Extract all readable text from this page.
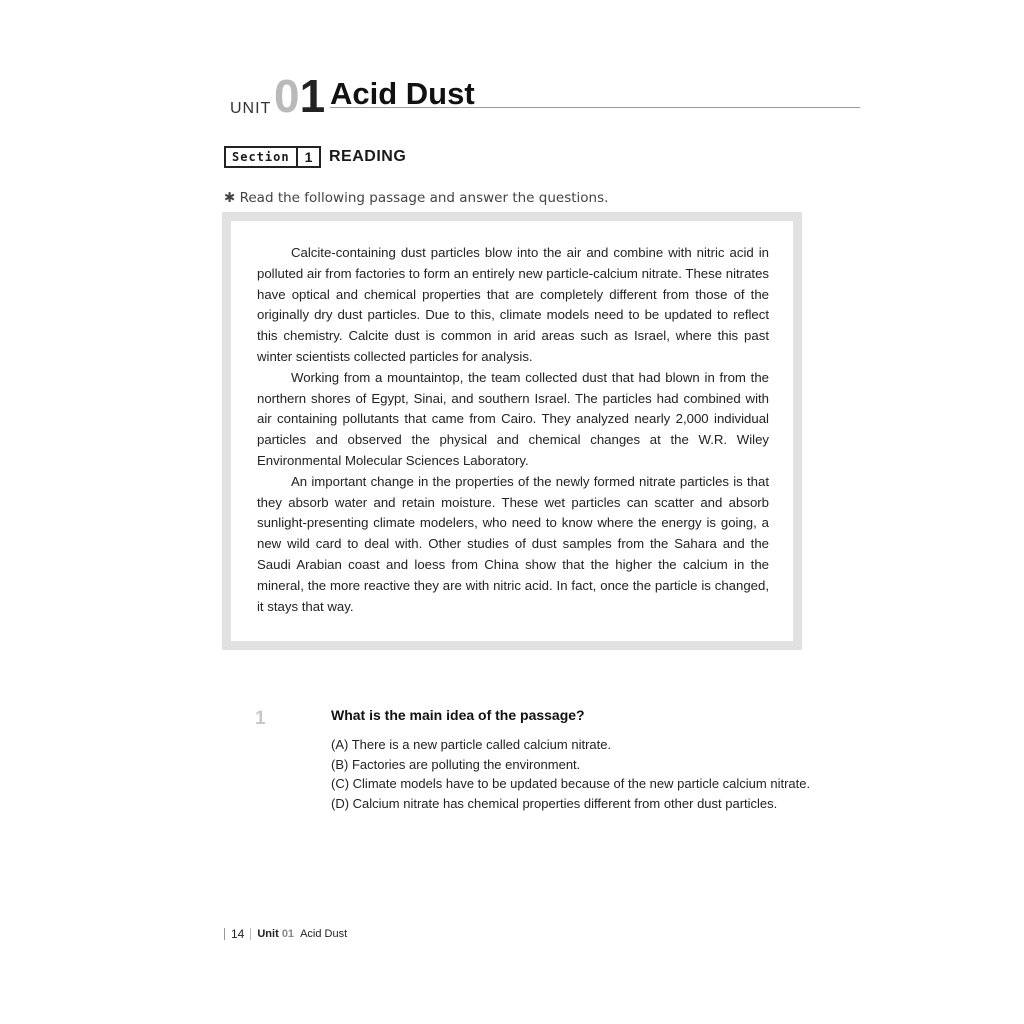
UNIT 01 Acid Dust
Section	1	READING
✱ Read the following passage and answer the questions.

Calcite-containing dust particles blow into the air and combine with nitric acid in polluted air from factories to form an entirely new particle-calcium nitrate. These nitrates have optical and chemical properties that are completely different from those of the originally dry dust particles. Due to this, climate models need to be updated to reflect this chemistry. Calcite dust is common in arid areas such as Israel, where this past winter scientists collected particles for analysis.

Working from a mountaintop, the team collected dust that had blown in from the northern shores of Egypt, Sinai, and southern Israel. The particles had combined with air containing pollutants that came from Cairo. They analyzed nearly 2,000 individual particles and observed the physical and chemical changes at the W.R. Wiley Environmental Molecular Sciences Laboratory.

An important change in the properties of the newly formed nitrate particles is that they absorb water and retain moisture. These wet particles can scatter and absorb sunlight-presenting climate modelers, who need to know where the energy is going, a new wild card to deal with. Other studies of dust samples from the Sahara and the Saudi Arabian coast and loess from China show that the higher the calcium in the mineral, the more reactive they are with nitric acid. In fact, once the particle is changed, it stays that way.

1	What is the main idea of the passage?
(A) There is a new particle called calcium nitrate.
(B) Factories are polluting the environment.
(C) Climate models have to be updated because of the new particle calcium nitrate.
(D) Calcium nitrate has chemical properties different from other dust particles.
14 Unit 01 Acid Dust
